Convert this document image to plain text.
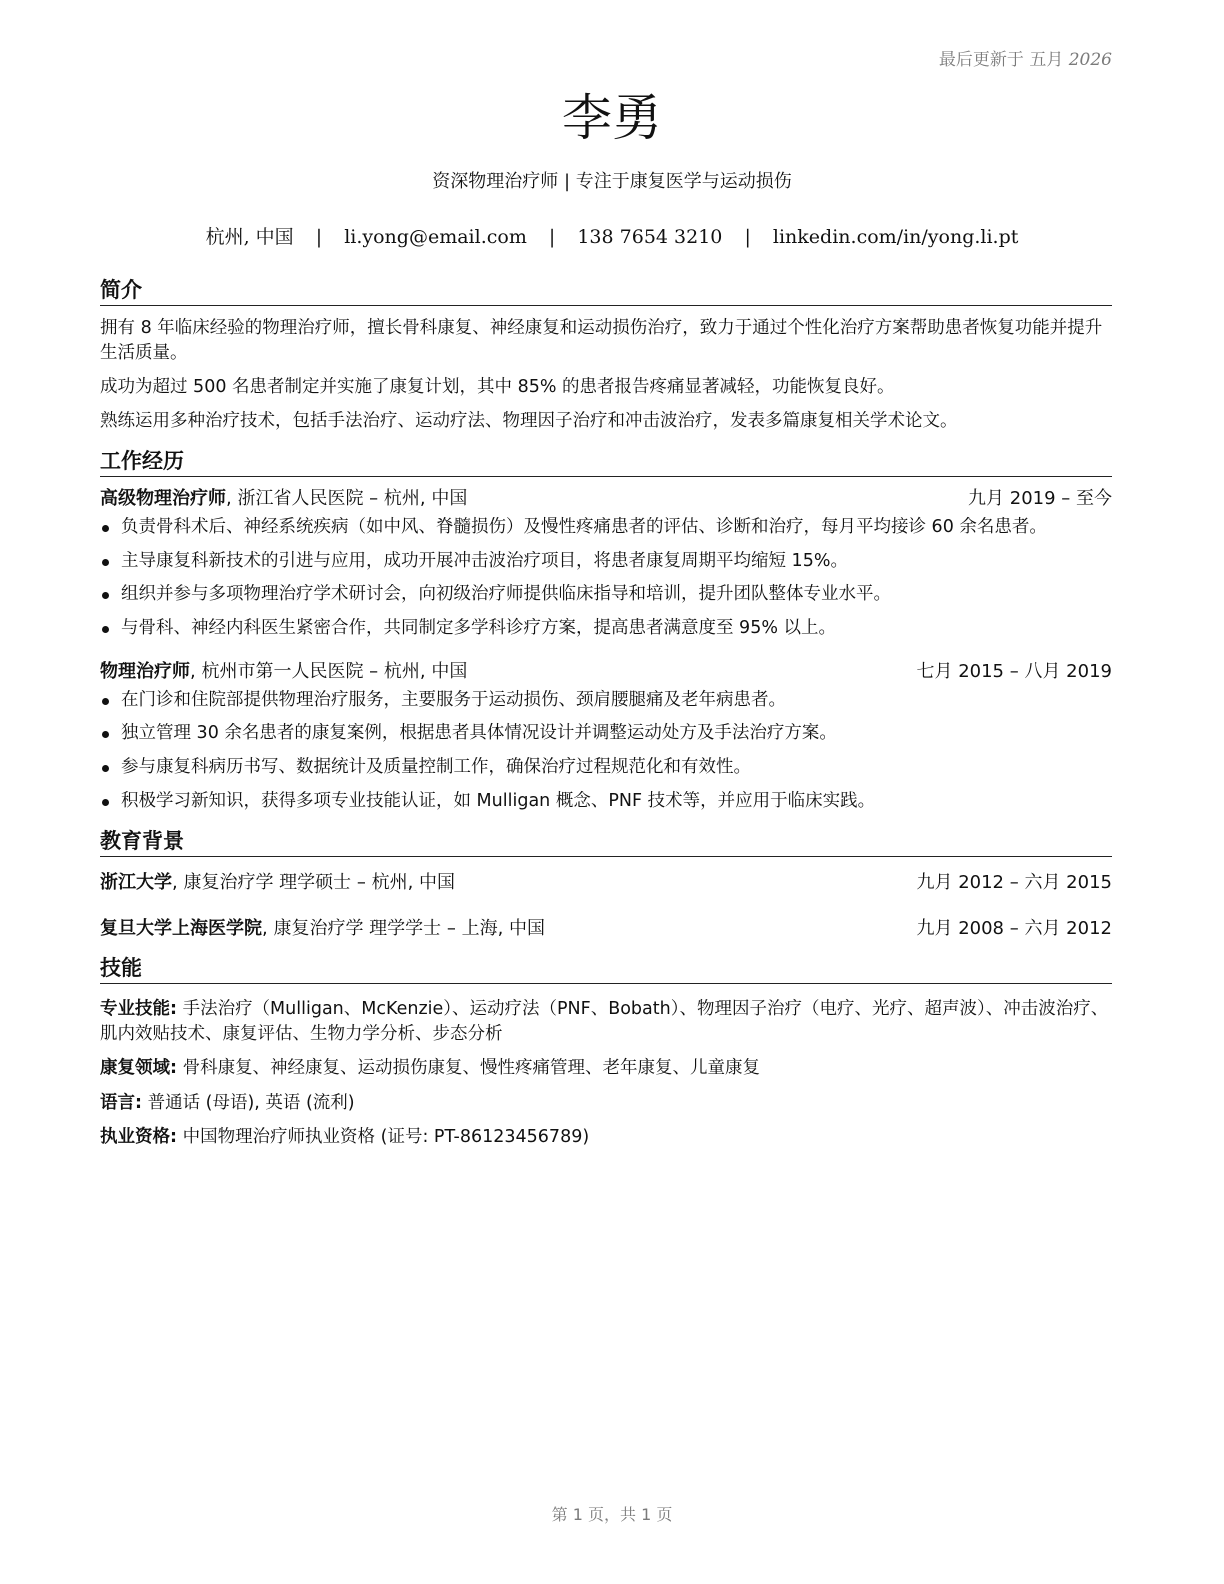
最后更新于 五月 2026
李勇
资深物理治疗师 | 专注于康复医学与运动损伤
杭州, 中国 | li.yong@email.com | 138 7654 3210 | linkedin.com/in/yong.li.pt
简介

拥有 8 年临床经验的物理治疗师，擅长骨科康复、神经康复和运动损伤治疗，致力于通过个性化治疗方案帮助患者恢复功能并提升生活质量。

成功为超过 500 名患者制定并实施了康复计划，其中 85% 的患者报告疼痛显著减轻，功能恢复良好。

熟练运用多种治疗技术，包括手法治疗、运动疗法、物理因子治疗和冲击波治疗，发表多篇康复相关学术论文。

工作经历
高级物理治疗师, 浙江省人民医院 – 杭州, 中国	九月 2019 – 至今
负责骨科术后、神经系统疾病（如中风、脊髓损伤）及慢性疼痛患者的评估、诊断和治疗，每月平均接诊 60 余名患者。
主导康复科新技术的引进与应用，成功开展冲击波治疗项目，将患者康复周期平均缩短 15%。
组织并参与多项物理治疗学术研讨会，向初级治疗师提供临床指导和培训，提升团队整体专业水平。
与骨科、神经内科医生紧密合作，共同制定多学科诊疗方案，提高患者满意度至 95% 以上。
物理治疗师, 杭州市第一人民医院 – 杭州, 中国	七月 2015 – 八月 2019
在门诊和住院部提供物理治疗服务，主要服务于运动损伤、颈肩腰腿痛及老年病患者。
独立管理 30 余名患者的康复案例，根据患者具体情况设计并调整运动处方及手法治疗方案。
参与康复科病历书写、数据统计及质量控制工作，确保治疗过程规范化和有效性。
积极学习新知识，获得多项专业技能认证，如 Mulligan 概念、PNF 技术等，并应用于临床实践。
教育背景
浙江大学, 康复治疗学 理学硕士 – 杭州, 中国	九月 2012 – 六月 2015
复旦大学上海医学院, 康复治疗学 理学学士 – 上海, 中国	九月 2008 – 六月 2012
技能
专业技能: 手法治疗（Mulligan、McKenzie）、运动疗法（PNF、Bobath）、物理因子治疗（电疗、光疗、超声波）、冲击波治疗、肌内效贴技术、康复评估、生物力学分析、步态分析
康复领域: 骨科康复、神经康复、运动损伤康复、慢性疼痛管理、老年康复、儿童康复
语言: 普通话 (母语), 英语 (流利)
执业资格: 中国物理治疗师执业资格 (证号: PT-86123456789)
第 1 页，共 1 页
